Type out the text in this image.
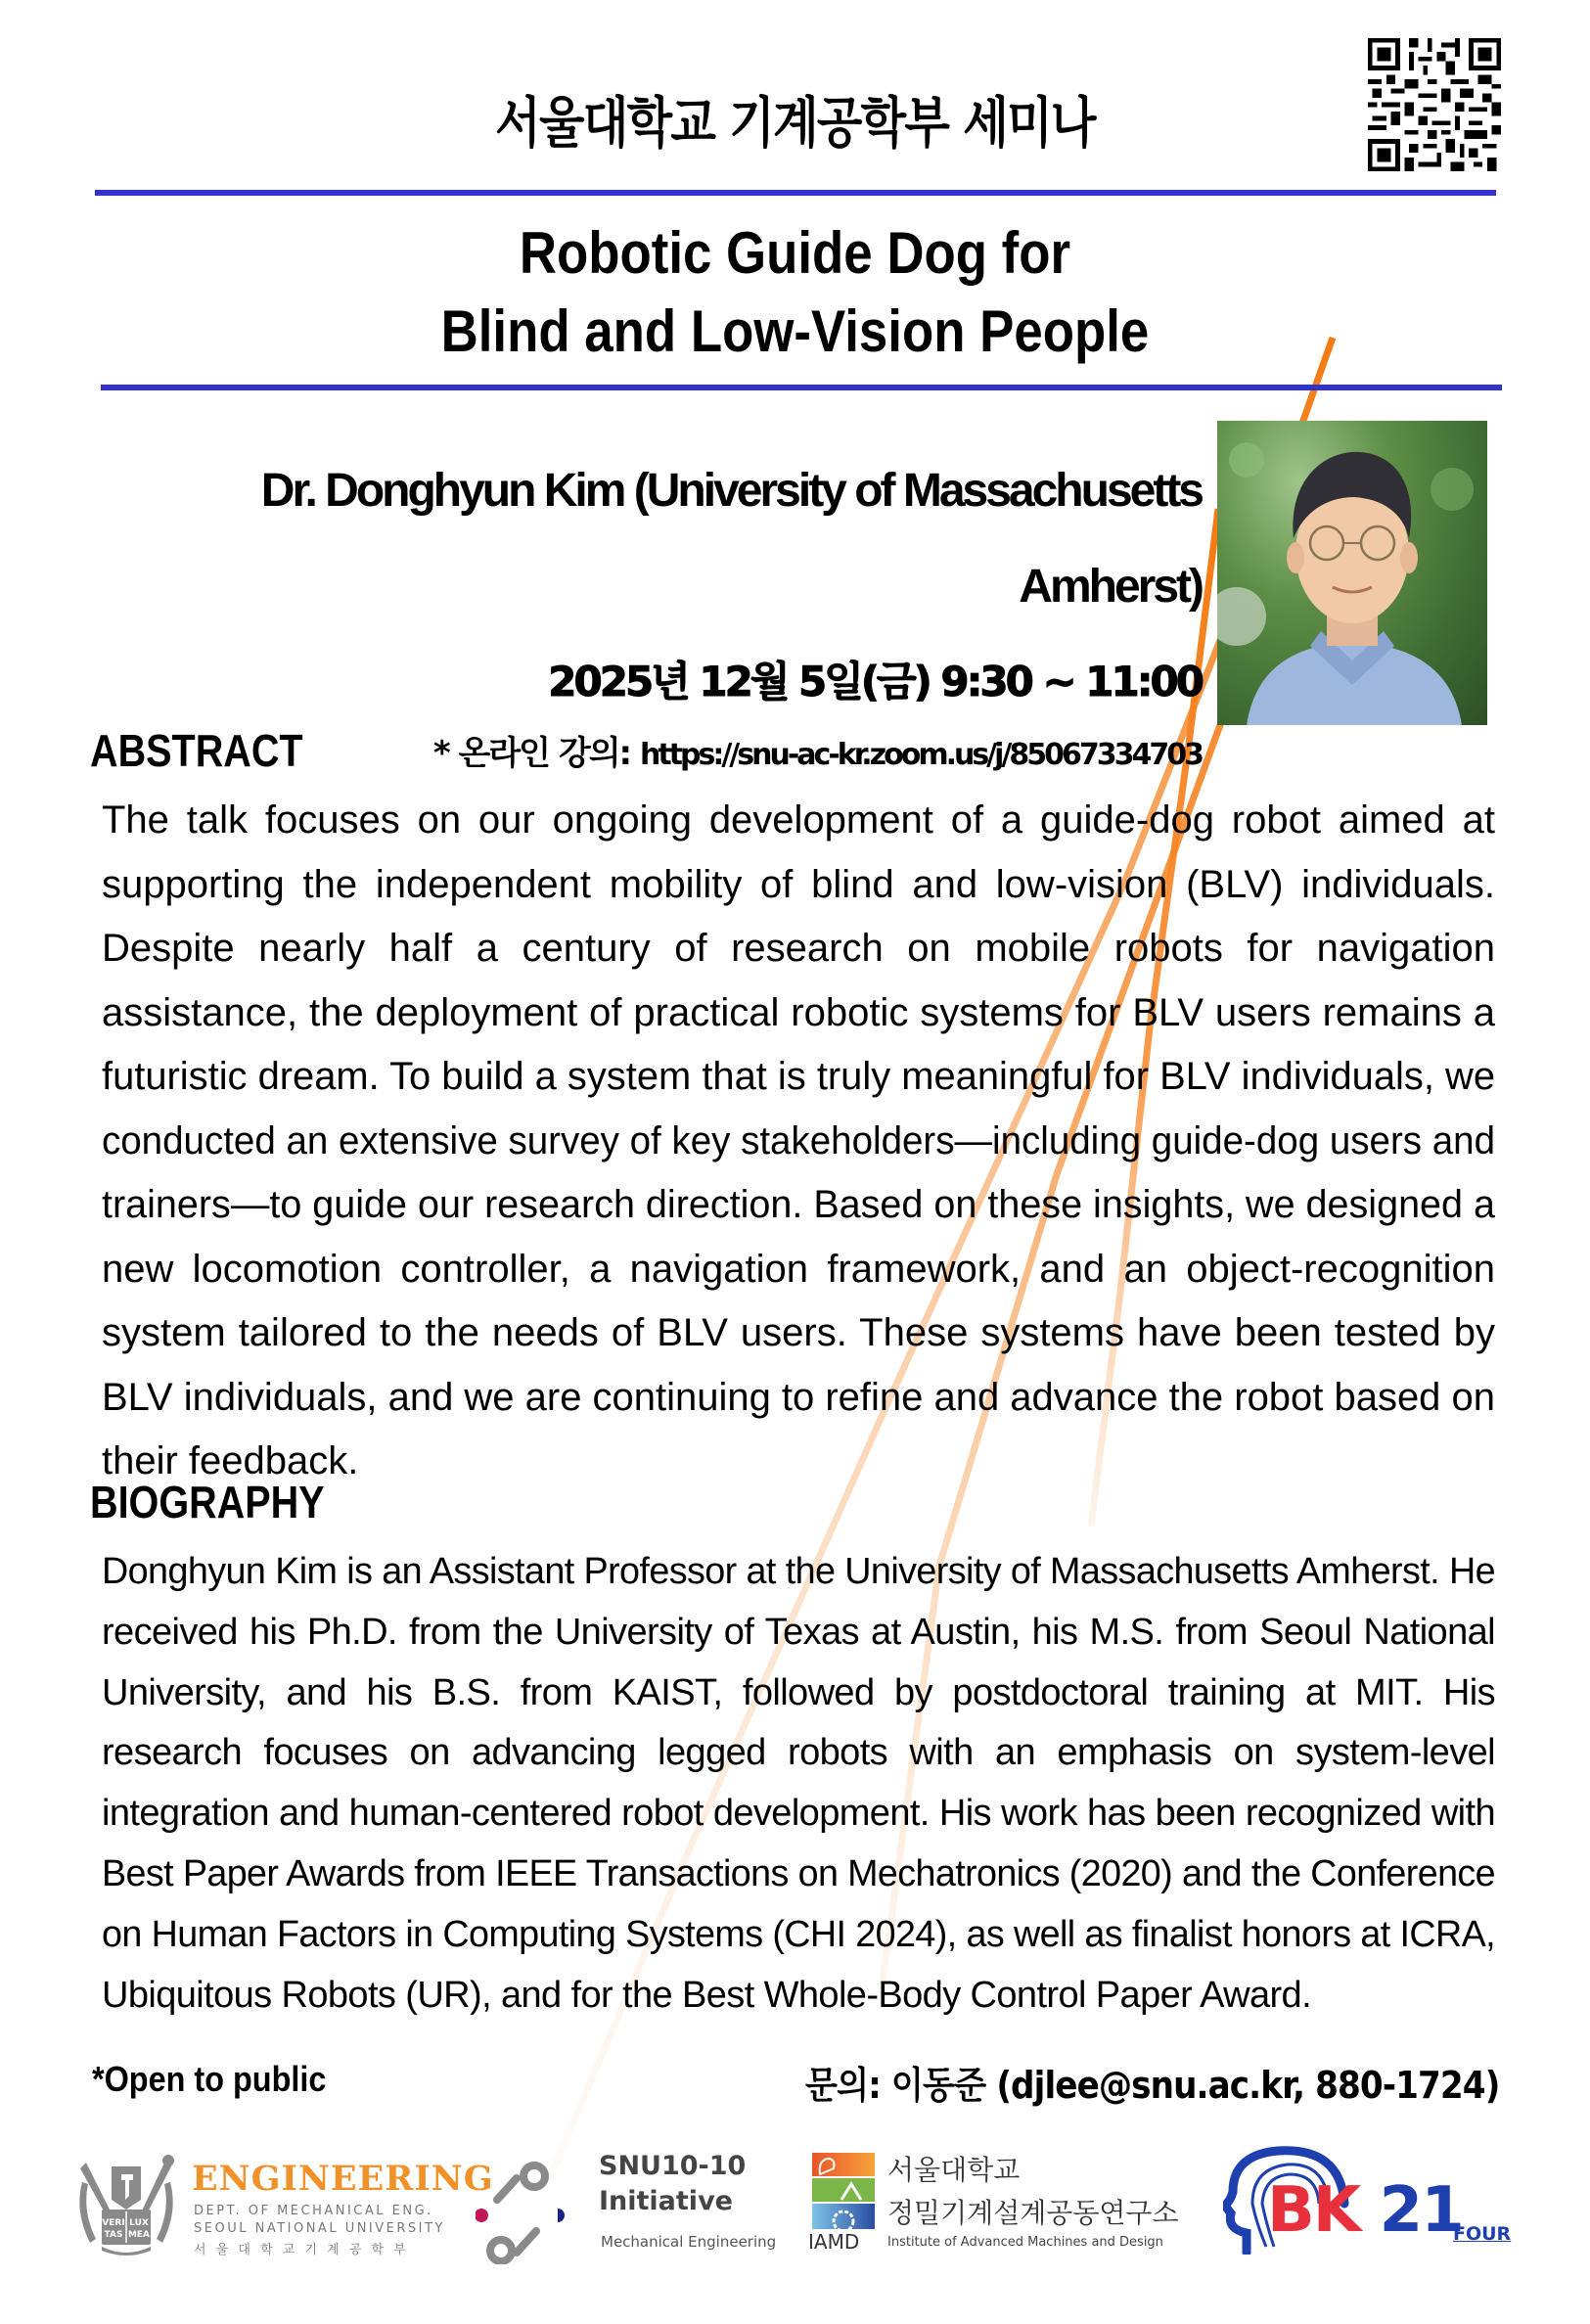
서울대학교 기계공학부 세미나
Robotic Guide Dog for
Blind and Low-Vision People
Dr. Donghyun Kim (University of Massachusetts
Amherst)
2025년 12월 5일(금) 9:30 ~ 11:00
* 온라인 강의: https://snu-ac-kr.zoom.us/j/85067334703
ABSTRACT
The talk focuses on our ongoing development of a guide-dog robot aimed at
supporting the independent mobility of blind and low-vision (BLV) individuals.
Despite nearly half a century of research on mobile robots for navigation
assistance, the deployment of practical robotic systems for BLV users remains a
futuristic dream. To build a system that is truly meaningful for BLV individuals, we
conducted an extensive survey of key stakeholders—including guide-dog users and
trainers—to guide our research direction. Based on these insights, we designed a
new locomotion controller, a navigation framework, and an object-recognition
system tailored to the needs of BLV users. These systems have been tested by
BLV individuals, and we are continuing to refine and advance the robot based on
their feedback.
BIOGRAPHY
Donghyun Kim is an Assistant Professor at the University of Massachusetts Amherst. He
received his Ph.D. from the University of Texas at Austin, his M.S. from Seoul National
University, and his B.S. from KAIST, followed by postdoctoral training at MIT. His
research focuses on advancing legged robots with an emphasis on system-level
integration and human-centered robot development. His work has been recognized with
Best Paper Awards from IEEE Transactions on Mechatronics (2020) and the Conference
on Human Factors in Computing Systems (CHI 2024), as well as finalist honors at ICRA,
Ubiquitous Robots (UR), and for the Best Whole-Body Control Paper Award.
*Open to public	문의: 이동준 (djlee@snu.ac.kr, 880-1724)
VERI LUX
TAS MEA
ENGINEERING
DEPT. OF MECHANICAL ENG.
SEOUL NATIONAL UNIVERSITY
서 울 대 학 교 기 계 공 학 부
SNU10-10
Initiative
Mechanical Engineering IAMD
서울대학교
정밀기계설계공동연구소
Institute of Advanced Machines and Design BK 21
FOUR
